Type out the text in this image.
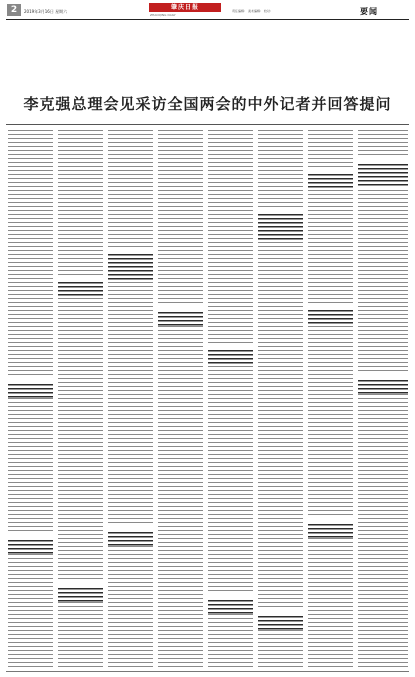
2	2019年3月16日 星期六
肇庆日报
ZHAOQING DAILY
责任编辑： 美术编辑： 校对：	要闻
李克强总理会见采访全国两会的中外记者并回答提问
